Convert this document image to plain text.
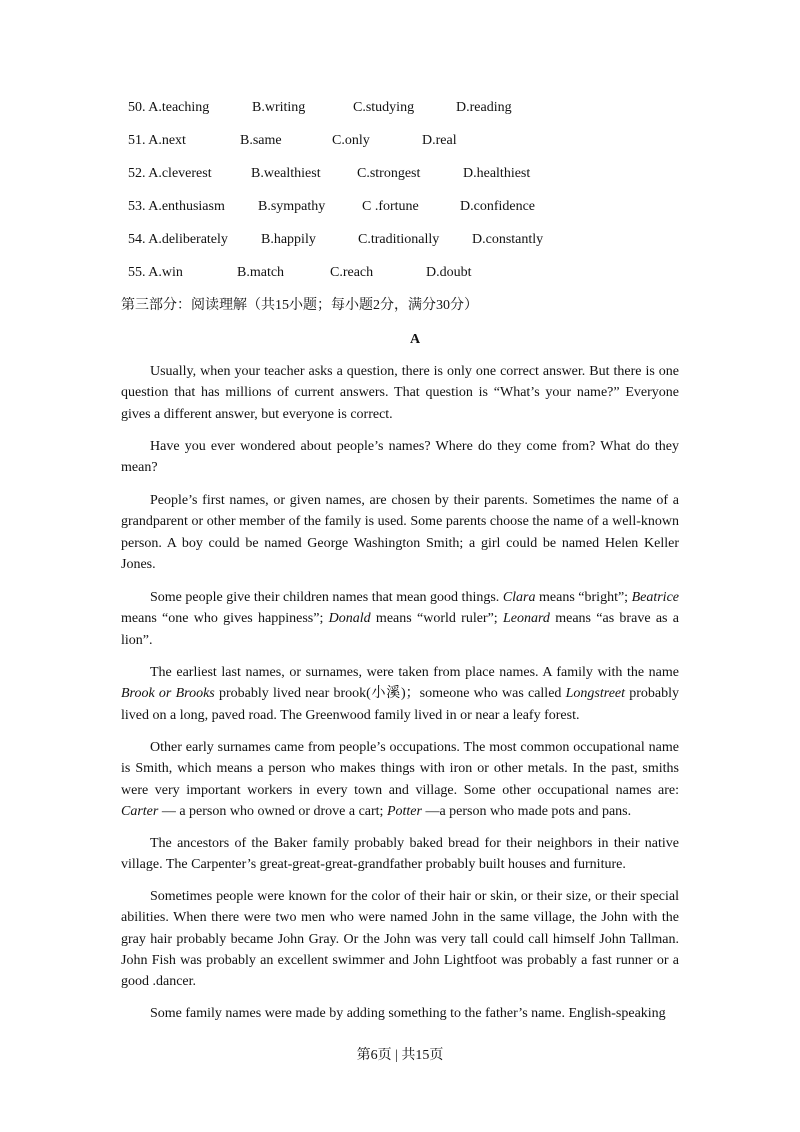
50. A.teaching	B.writing	C.studying	D.reading
51. A.next	B.same	C.only	D.real
52. A.cleverest	B.wealthiest	C.strongest	D.healthiest
53. A.enthusiasm B.sympathy	C .fortune	D.confidence
54. A.deliberately B.happily	C.traditionally D.constantly
55. A.win	B.match	C.reach	D.doubt
第三部分：阅读理解（共15小题；每小题2分，满分30分）
A

Usually, when your teacher asks a question, there is only one correct answer. But there is one question that has millions of current answers. That question is “What’s your name?” Everyone gives a different answer, but everyone is correct.

Have you ever wondered about people’s names? Where do they come from? What do they mean?

People’s first names, or given names, are chosen by their parents. Sometimes the name of a grandparent or other member of the family is used. Some parents choose the name of a well-known person. A boy could be named George Washington Smith; a girl could be named Helen Keller Jones.

Some people give their children names that mean good things. Clara means “bright”; Beatrice means “one who gives happiness”; Donald means “world ruler”; Leonard means “as brave as a lion”.

The earliest last names, or surnames, were taken from place names. A family with the name Brook or Brooks probably lived near brook(小溪)；someone who was called Longstreet probably lived on a long, paved road. The Greenwood family lived in or near a leafy forest.

Other early surnames came from people’s occupations. The most common occupational name is Smith, which means a person who makes things with iron or other metals. In the past, smiths were very important workers in every town and village. Some other occupational names are: Carter — a person who owned or drove a cart; Potter —a person who made pots and pans.

The ancestors of the Baker family probably baked bread for their neighbors in their native village. The Carpenter’s great-great-great-grandfather probably built houses and furniture.

Sometimes people were known for the color of their hair or skin, or their size, or their special abilities. When there were two men who were named John in the same village, the John with the gray hair probably became John Gray. Or the John was very tall could call himself John Tallman. John Fish was probably an excellent swimmer and John Lightfoot was probably a fast runner or a good .dancer.

Some family names were made by adding something to the father’s name. English-speaking

第6页 | 共15页
